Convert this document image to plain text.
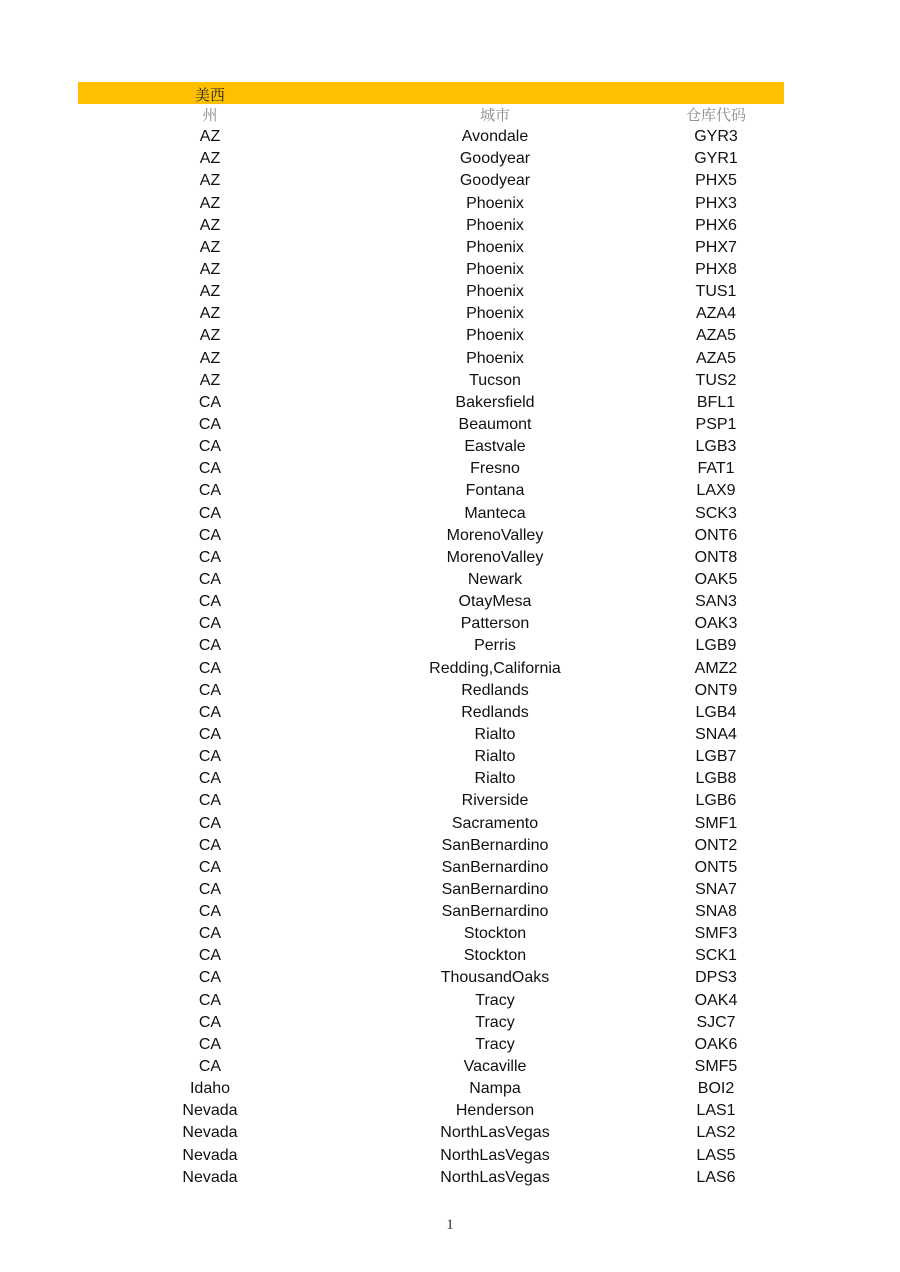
美西
州	城市	仓库代码
AZ	Avondale	GYR3
AZ	Goodyear	GYR1
AZ	Goodyear	PHX5
AZ	Phoenix	PHX3
AZ	Phoenix	PHX6
AZ	Phoenix	PHX7
AZ	Phoenix	PHX8
AZ	Phoenix	TUS1
AZ	Phoenix	AZA4
AZ	Phoenix	AZA5
AZ	Phoenix	AZA5
AZ	Tucson	TUS2
CA	Bakersfield	BFL1
CA	Beaumont	PSP1
CA	Eastvale	LGB3
CA	Fresno	FAT1
CA	Fontana	LAX9
CA	Manteca	SCK3
CA	MorenoValley	ONT6
CA	MorenoValley	ONT8
CA	Newark	OAK5
CA	OtayMesa	SAN3
CA	Patterson	OAK3
CA	Perris	LGB9
CA	Redding,California	AMZ2
CA	Redlands	ONT9
CA	Redlands	LGB4
CA	Rialto	SNA4
CA	Rialto	LGB7
CA	Rialto	LGB8
CA	Riverside	LGB6
CA	Sacramento	SMF1
CA	SanBernardino	ONT2
CA	SanBernardino	ONT5
CA	SanBernardino	SNA7
CA	SanBernardino	SNA8
CA	Stockton	SMF3
CA	Stockton	SCK1
CA	ThousandOaks	DPS3
CA	Tracy	OAK4
CA	Tracy	SJC7
CA	Tracy	OAK6
CA	Vacaville	SMF5
Idaho	Nampa	BOI2
Nevada	Henderson	LAS1
Nevada	NorthLasVegas	LAS2
Nevada	NorthLasVegas	LAS5
Nevada	NorthLasVegas	LAS6
1
